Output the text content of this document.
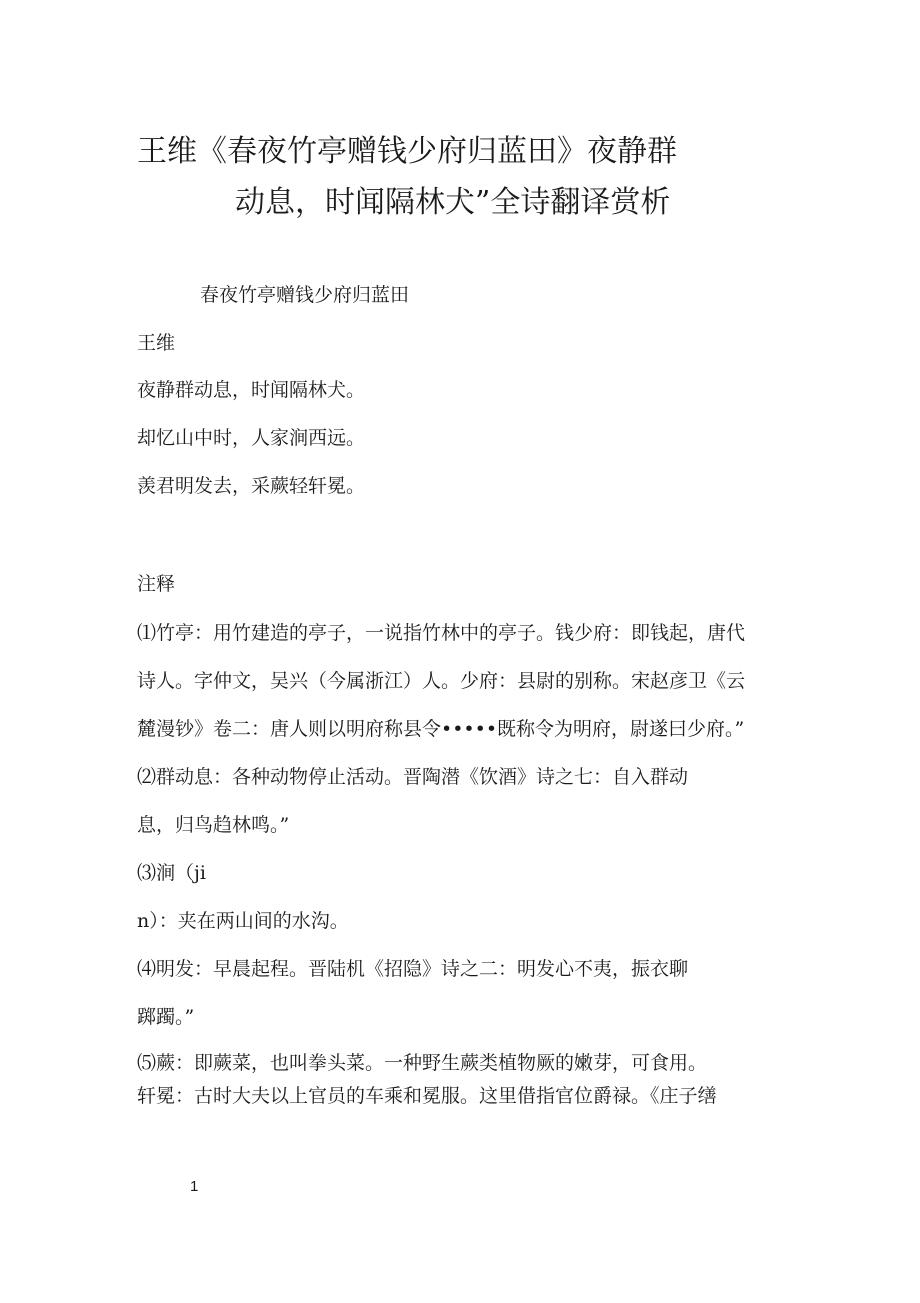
王维《春夜竹亭赠钱少府归蓝田》夜静群

动息，时闻隔林犬”全诗翻译赏析

春夜竹亭赠钱少府归蓝田

王维

夜静群动息，时闻隔林犬。

却忆山中时，人家涧西远。

羡君明发去，采蕨轻轩冕。

注释

⑴竹亭：用竹建造的亭子，一说指竹林中的亭子。钱少府：即钱起，唐代

诗人。字仲文，吴兴（今属浙江）人。少府：县尉的别称。宋赵彦卫《云

麓漫钞》卷二：唐人则以明府称县令•••••既称令为明府，尉遂曰少府。”

⑵群动息：各种动物停止活动。晋陶潜《饮酒》诗之七：自入群动

息，归鸟趋林鸣。”

⑶涧（ji

n）：夹在两山间的水沟。

⑷明发：早晨起程。晋陆机《招隐》诗之二：明发心不夷，振衣聊

踯躅。”

⑸蕨：即蕨菜，也叫拳头菜。一种野生蕨类植物厥的嫩芽，可食用。

轩冕：古时大夫以上官员的车乘和冕服。这里借指官位爵禄。《庄子缮

1
